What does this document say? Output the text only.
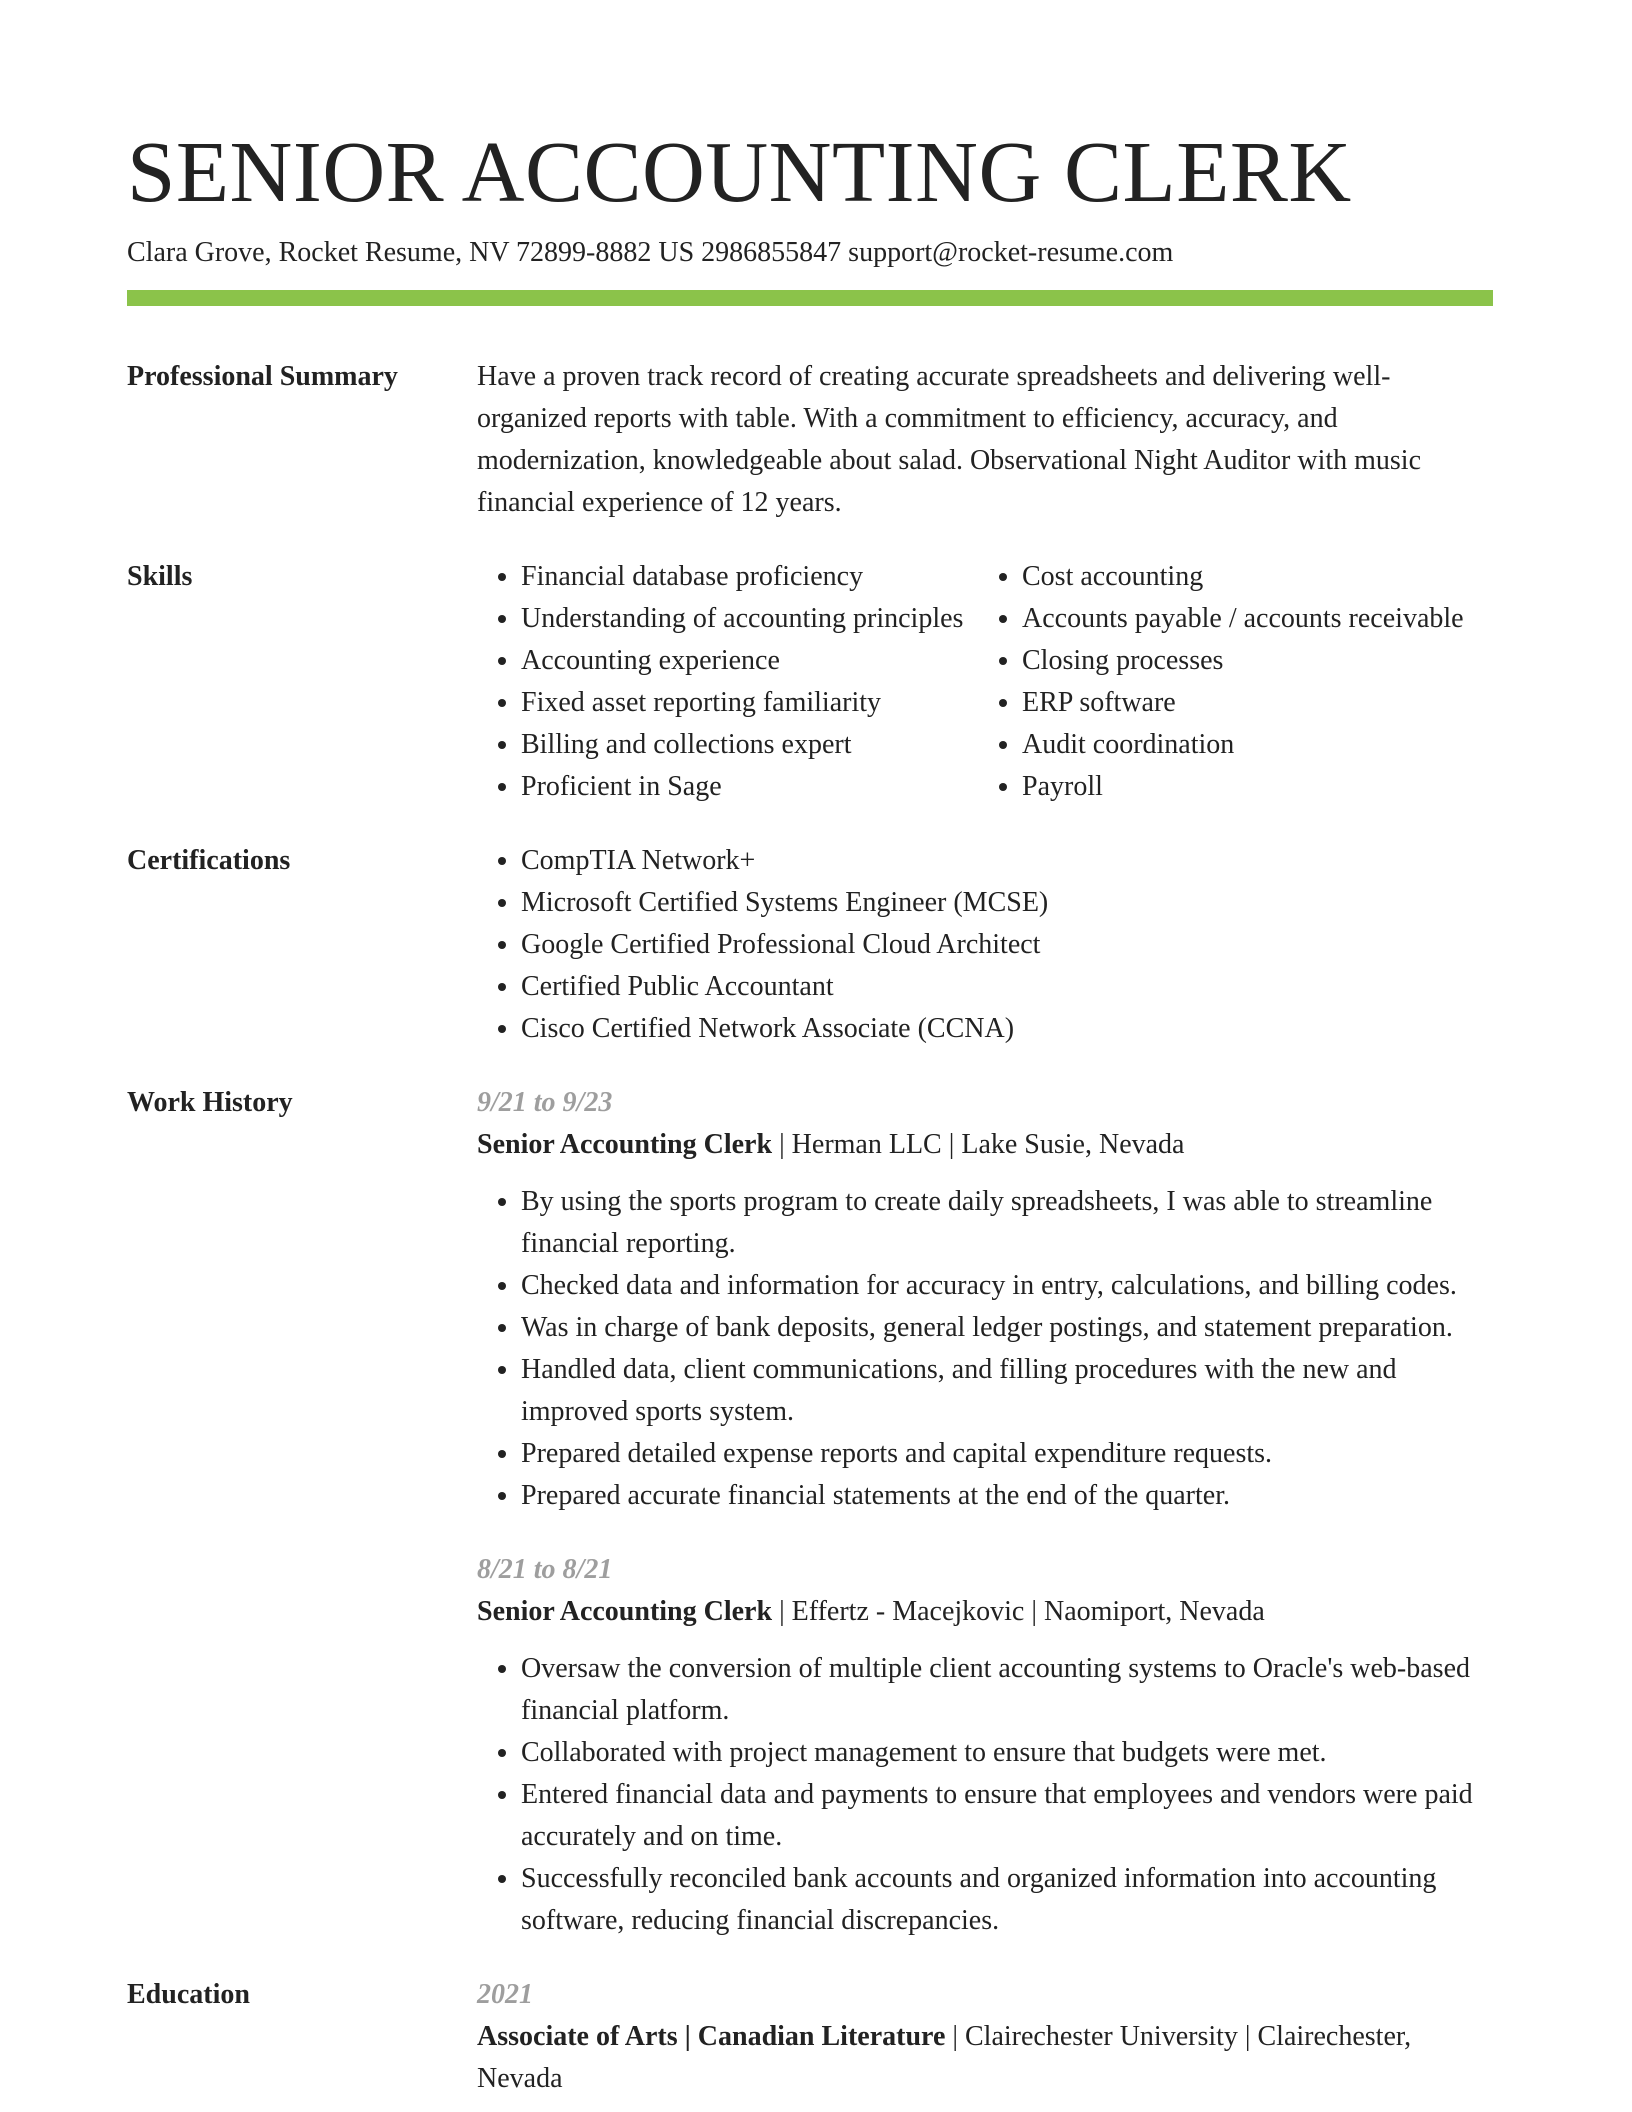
SENIOR ACCOUNTING CLERK
Clara Grove, Rocket Resume, NV 72899-8882 US 2986855847 support@rocket-resume.com
Professional Summary	Have a proven track record of creating accurate spreadsheets and delivering well-organized reports with table. With a commitment to efficiency, accuracy, and modernization, knowledgeable about salad. Observational Night Auditor with music financial experience of 12 years.

Skills	• Financial database proficiency
• Understanding of accounting principles
• Accounting experience
• Fixed asset reporting familiarity
• Billing and collections expert
• Proficient in Sage
• Cost accounting
• Accounts payable / accounts receivable
• Closing processes
• ERP software
• Audit coordination
• Payroll
Certifications	• CompTIA Network+
• Microsoft Certified Systems Engineer (MCSE)
• Google Certified Professional Cloud Architect
• Certified Public Accountant
• Cisco Certified Network Associate (CCNA)
Work History	9/21 to 9/23
Senior Accounting Clerk | Herman LLC | Lake Susie, Nevada
• By using the sports program to create daily spreadsheets, I was able to streamline financial reporting.
• Checked data and information for accuracy in entry, calculations, and billing codes.
• Was in charge of bank deposits, general ledger postings, and statement preparation.
• Handled data, client communications, and filling procedures with the new and improved sports system.
• Prepared detailed expense reports and capital expenditure requests.
• Prepared accurate financial statements at the end of the quarter.
8/21 to 8/21
Senior Accounting Clerk | Effertz - Macejkovic | Naomiport, Nevada
• Oversaw the conversion of multiple client accounting systems to Oracle's web-based financial platform.
• Collaborated with project management to ensure that budgets were met.
• Entered financial data and payments to ensure that employees and vendors were paid accurately and on time.
• Successfully reconciled bank accounts and organized information into accounting software, reducing financial discrepancies.
Education	2021
Associate of Arts | Canadian Literature | Clairechester University | Clairechester, Nevada
